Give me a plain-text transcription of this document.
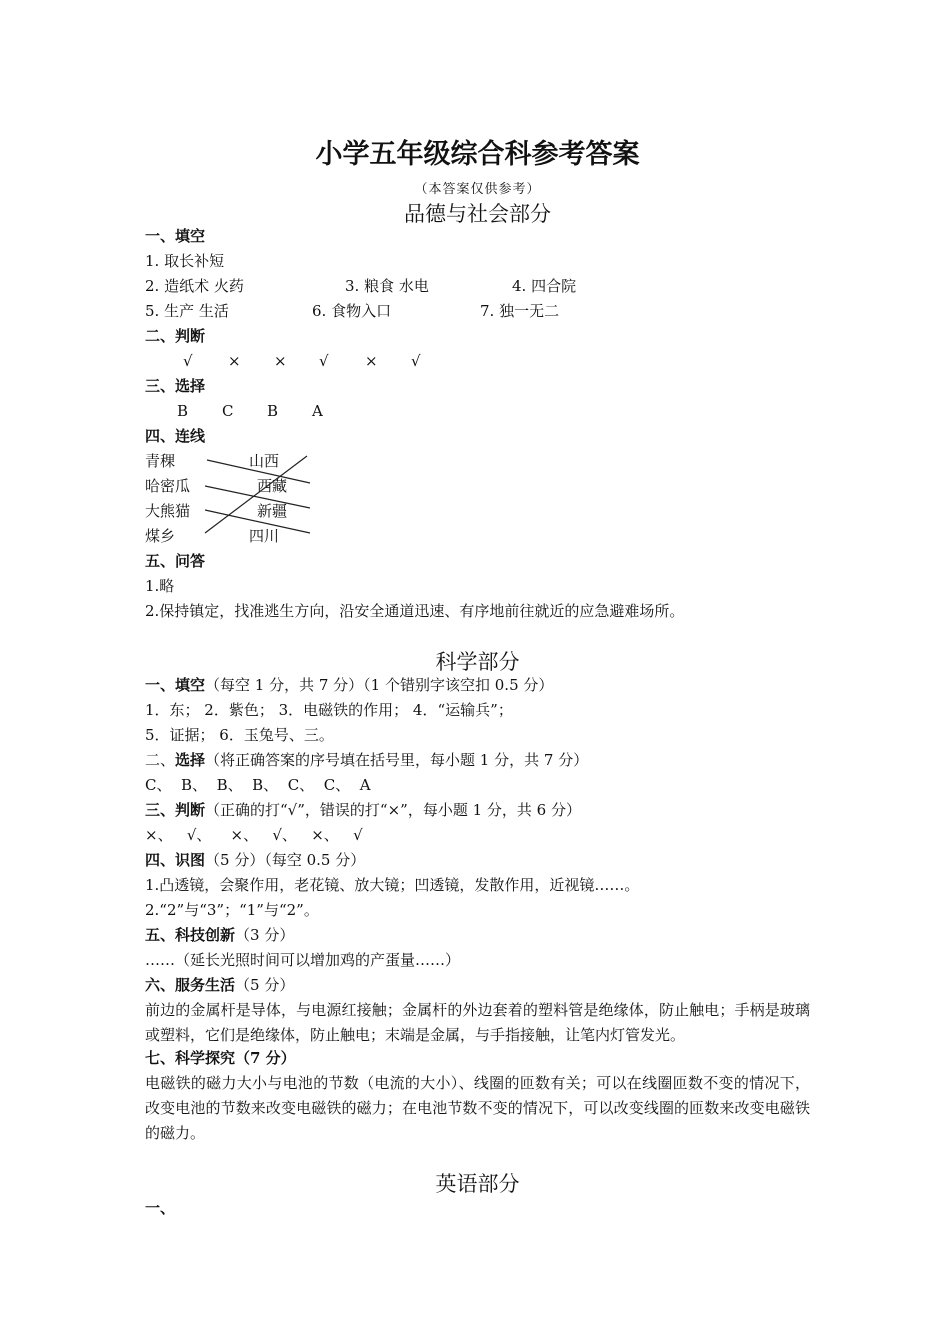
小学五年级综合科参考答案
（本答案仅供参考）
品德与社会部分
一、填空
1. 取长补短
2. 造纸术 火药	3. 粮食 水电	4. 四合院
5. 生产 生活	6. 食物入口	7. 独一无二
二、判断
√ × × √ × √
三、选择
B C B A
四、连线
青稞
哈密瓜
大熊猫
煤乡
山西
西藏
新疆
四川
五、问答
1.略
2.保持镇定，找准逃生方向，沿安全通道迅速、有序地前往就近的应急避难场所。
科学部分
一、填空（每空 1 分，共 7 分）（1 个错别字该空扣 0.5 分）
1．东； 2．紫色； 3．电磁铁的作用； 4．“运输兵”；
5．证据； 6．玉兔号、三。
二、选择（将正确答案的序号填在括号里，每小题 1 分，共 7 分）
C、  B、  B、  B、  C、  C、  A
三、判断（正确的打“√”，错误的打“×”，每小题 1 分，共 6 分）
×、   √、    ×、   √、   ×、   √
四、识图（5 分）（每空 0.5 分）
1.凸透镜，会聚作用，老花镜、放大镜；凹透镜，发散作用，近视镜……。
2.“2”与“3”；“1”与“2”。
五、科技创新（3 分）
……（延长光照时间可以增加鸡的产蛋量……）
六、服务生活（5 分）
前边的金属杆是导体，与电源红接触；金属杆的外边套着的塑料管是绝缘体，防止触电；手柄是玻璃或塑料，它们是绝缘体，防止触电；末端是金属，与手指接触，让笔内灯管发光。
七、科学探究（7 分）
电磁铁的磁力大小与电池的节数（电流的大小）、线圈的匝数有关；可以在线圈匝数不变的情况下，改变电池的节数来改变电磁铁的磁力；在电池节数不变的情况下，可以改变线圈的匝数来改变电磁铁的磁力。
英语部分
一、
